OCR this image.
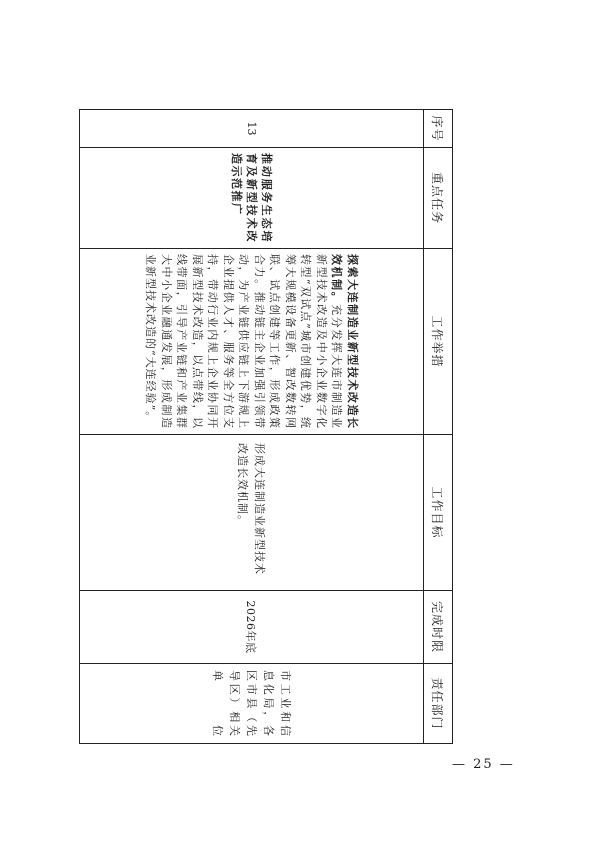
序号	重点任务	工作举措	工作目标	完成时限	责任部门
13	推动服务生态培育及新型技术改造示范推广	探索大连制造业新型技术改造长效机制。充分发挥大连市制造业新型技术改造及中小企业数字化转型“双试点”城市创建优势，统筹大规模设备更新、智改数转网联、试点创建等工作，形成政策合力。推动链主企业加强引领带动，为产业链供应链上下游规上企业提供人才、服务等全方位支持，带动行业内规上企业协同开展新型技术改造，以点带线，以线带面，引导产业链和产业集群大中小企业融通发展，形成制造业新型技术改造的“大连经验”。	形成大连制造业新型技术改造长效机制。	2026年底	市工业和信息化局，各区市县（先导区）相关单位
— 25 —
